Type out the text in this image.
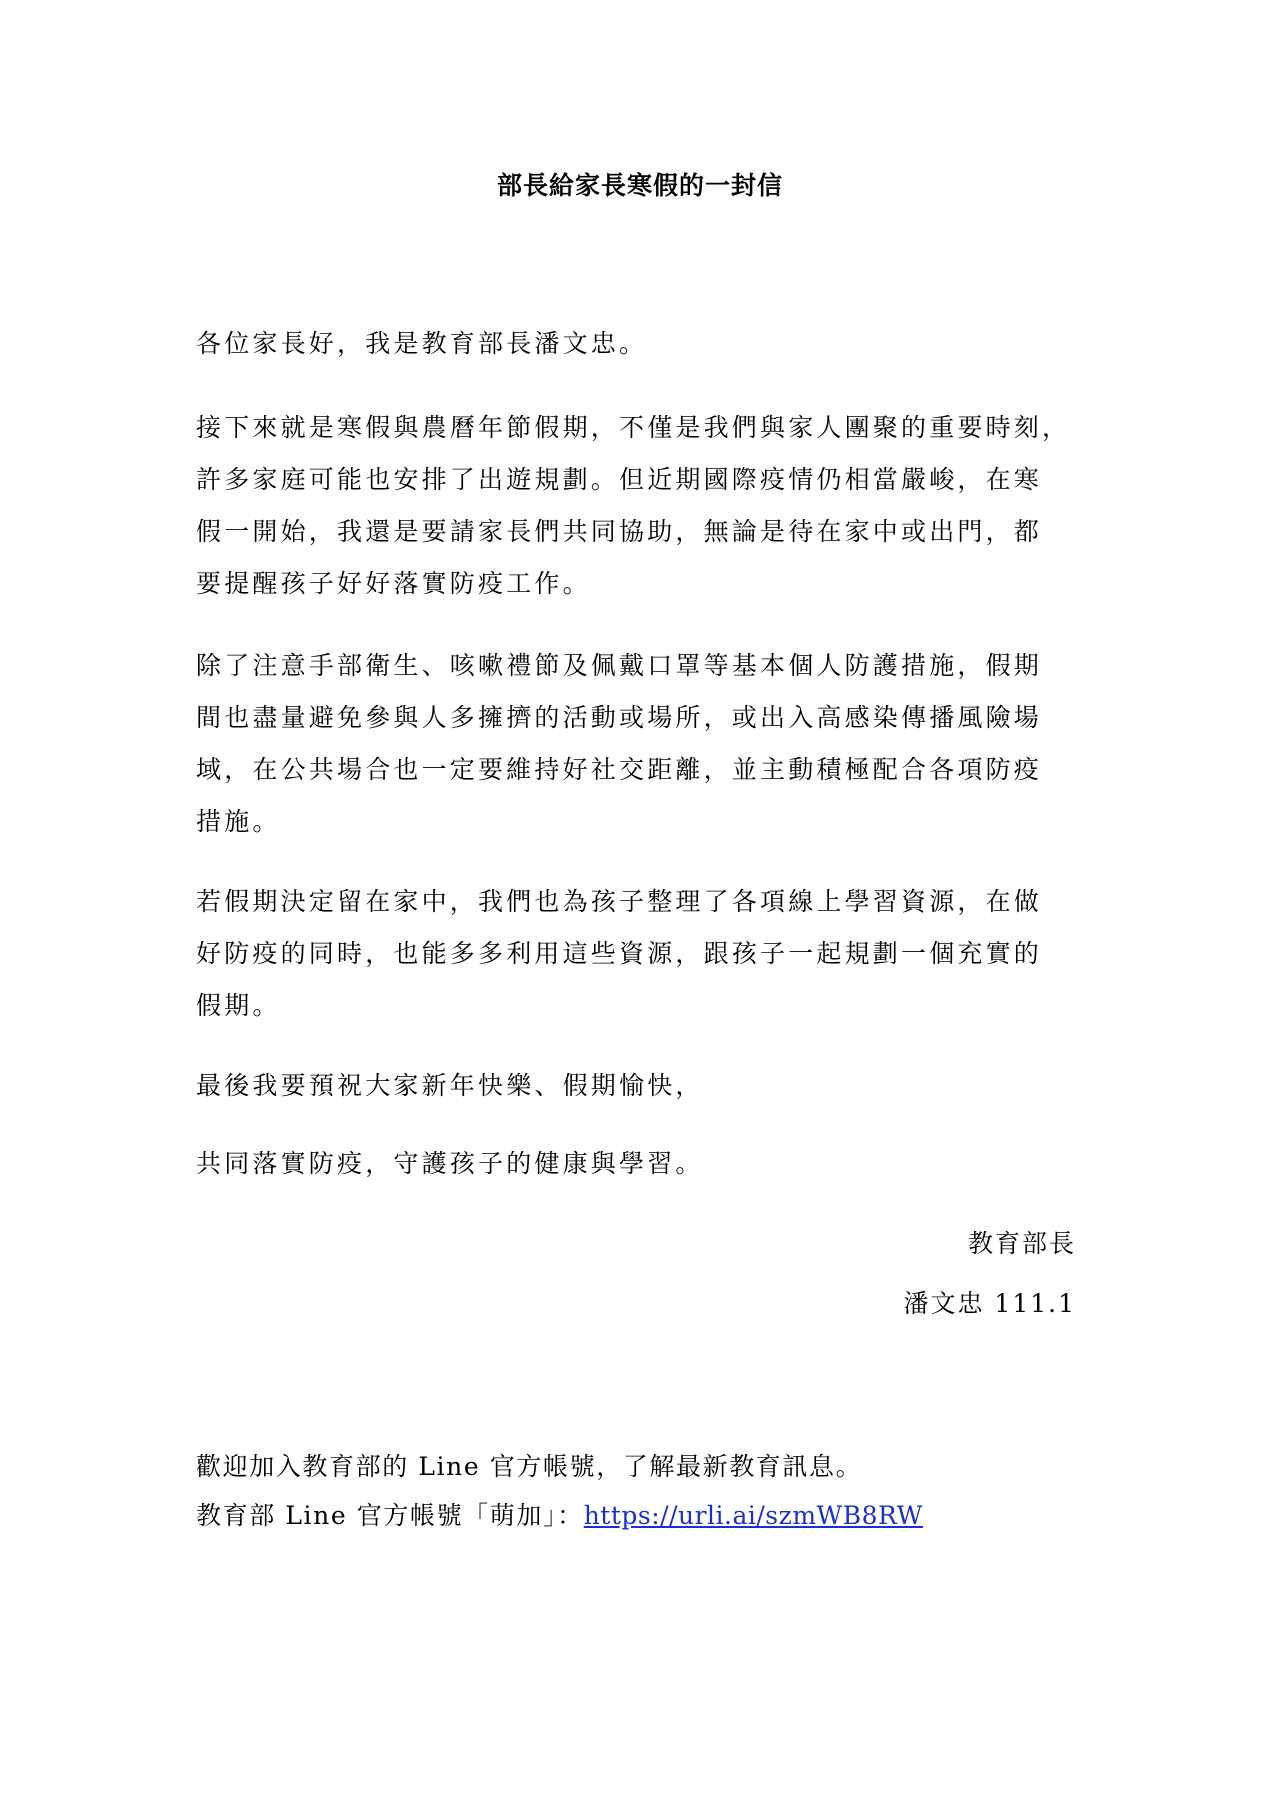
部長給家長寒假的一封信
各位家長好，我是教育部長潘文忠。
接下來就是寒假與農曆年節假期，不僅是我們與家人團聚的重要時刻，
許多家庭可能也安排了出遊規劃。但近期國際疫情仍相當嚴峻，在寒
假一開始，我還是要請家長們共同協助，無論是待在家中或出門，都
要提醒孩子好好落實防疫工作。
除了注意手部衛生、咳嗽禮節及佩戴口罩等基本個人防護措施，假期
間也盡量避免參與人多擁擠的活動或場所，或出入高感染傳播風險場
域，在公共場合也一定要維持好社交距離，並主動積極配合各項防疫
措施。
若假期決定留在家中，我們也為孩子整理了各項線上學習資源，在做
好防疫的同時，也能多多利用這些資源，跟孩子一起規劃一個充實的
假期。
最後我要預祝大家新年快樂、假期愉快，
共同落實防疫，守護孩子的健康與學習。
教育部長
潘文忠 111.1
歡迎加入教育部的 Line 官方帳號，了解最新教育訊息。
教育部 Line 官方帳號「萌加」：https://urli.ai/szmWB8RW
